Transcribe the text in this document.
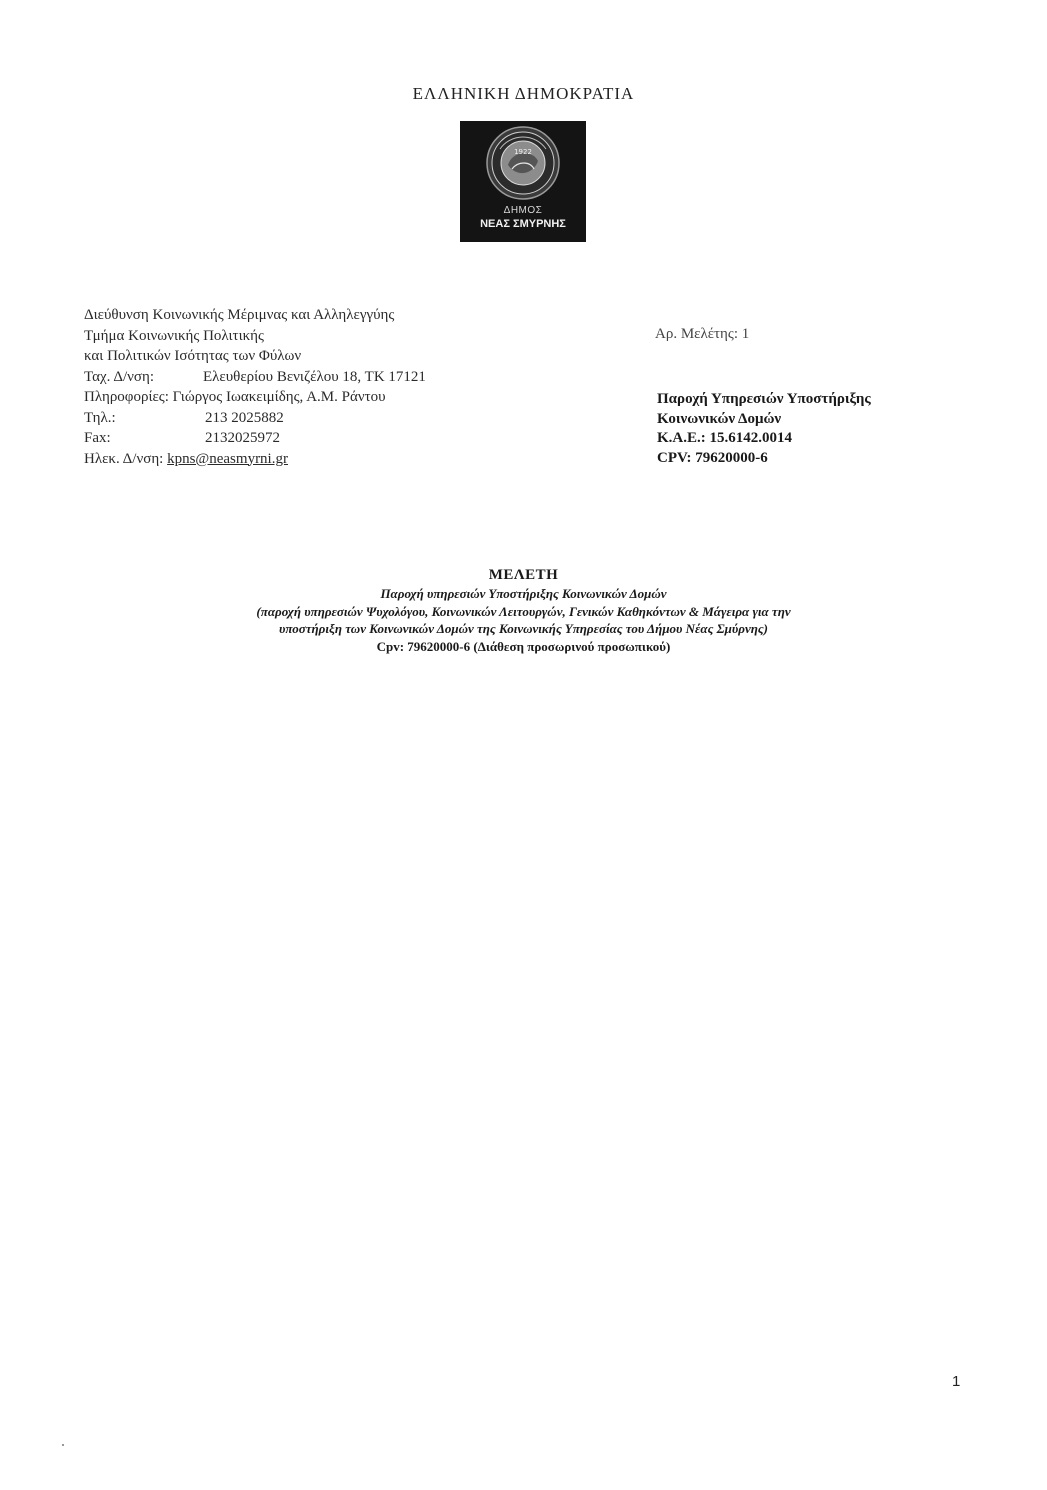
ΕΛΛΗΝΙΚΗ ΔΗΜΟΚΡΑΤΙΑ
1922
ΔΗΜΟΣ
ΝΕΑΣ ΣΜΥΡΝΗΣ
Διεύθυνση Κοινωνικής Μέριμνας και Αλληλεγγύης
Τμήμα Κοινωνικής Πολιτικής
και Πολιτικών Ισότητας των Φύλων
Ταχ. Δ/νση:	Ελευθερίου Βενιζέλου 18, ΤΚ 17121
Πληροφορίες: Γιώργος Ιωακειμίδης, Α.Μ. Ράντου
Τηλ.:	213 2025882
Fax:	2132025972
Ηλεκ. Δ/νση: kpns@neasmyrni.gr
Αρ. Μελέτης: 1
Παροχή Υπηρεσιών Υποστήριξης
Κοινωνικών Δομών
Κ.Α.Ε.: 15.6142.0014
CPV: 79620000-6
ΜΕΛΕΤΗ
Παροχή υπηρεσιών Υποστήριξης Κοινωνικών Δομών
(παροχή υπηρεσιών Ψυχολόγου, Κοινωνικών Λειτουργών, Γενικών Καθηκόντων & Μάγειρα για την
υποστήριξη των Κοινωνικών Δομών της Κοινωνικής Υπηρεσίας του Δήμου Νέας Σμύρνης)
Cpv: 79620000-6 (Διάθεση προσωρινού προσωπικού)
1
